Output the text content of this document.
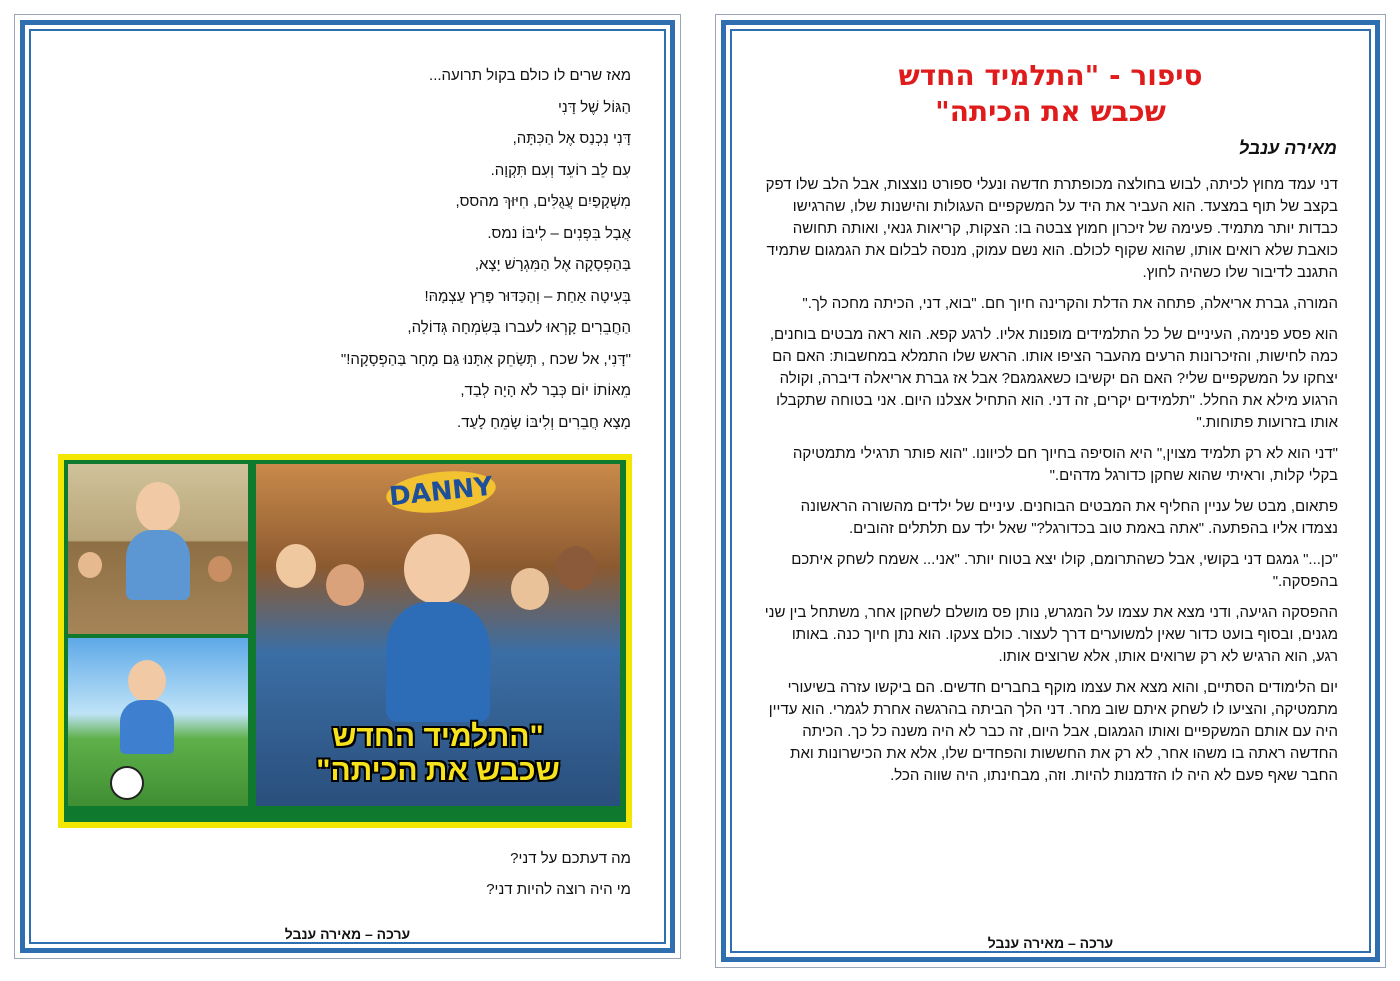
מאז שרים לו כולם בקול תרועה...
הַגּוֹל שֶׁל דָּנִי
דָּנִי נִכְנַס אֶל הַכִּתָּה,
עִם לֵב רוֹעֵד וְעִם תִּקְוָה.
מִשְׁקָפַיִם עֲגֻלִּים, חִיּוּךְ מהסס,
אֲבָל בִּפְנִים – לִיבּוֹ נמס.
בַּהַפְסָקָה אֶל הַמִּגְרָשׁ יָצָא,
בְּעִיטָה אַחַת – וְהַכַּדּוּר פָּרַץ עַצְמָהּ!
הַחֲבֵרִים קָרְאוּ לעברו בְּשִׂמְחָה גְּדוֹלָה,
"דָּנִי, אל שכח , תְּשַׂחֵק אִתָּנוּ גַּם מָחָר בַּהַפְסָקָה!"
מֵאוֹתוֹ יוֹם כְּבָר לֹא הָיָה לְבַד,
מָצָא חֲבֵרִים וְלִיבּוֹ שָׂמֵחַ לָעַד.
DANNY
"התלמיד החדש
שכבש את הכיתה"
מה דעתכם על דני?
מי היה רוצה להיות דני?
ערכה – מאירה ענבל
סיפור - "התלמיד החדש
שכבש את הכיתה"
מאירה ענבל

דני עמד מחוץ לכיתה, לבוש בחולצה מכופתרת חדשה ונעלי ספורט נוצצות, אבל הלב שלו דפק בקצב של תוף במצעד. הוא העביר את היד על המשקפיים העגולות והישנות שלו, שהרגישו כבדות יותר מתמיד. פעימה של זיכרון חמוץ צבטה בו: הצקות, קריאות גנאי, ואותה תחושה כואבת שלא רואים אותו, שהוא שקוף לכולם. הוא נשם עמוק, מנסה לבלום את הגמגום שתמיד התגנב לדיבור שלו כשהיה לחוץ.

המורה, גברת אריאלה, פתחה את הדלת והקרינה חיוך חם. "בוא, דני, הכיתה מחכה לך."

הוא פסע פנימה, העיניים של כל התלמידים מופנות אליו. לרגע קפא. הוא ראה מבטים בוחנים, כמה לחישות, והזיכרונות הרעים מהעבר הציפו אותו. הראש שלו התמלא במחשבות: האם הם יצחקו על המשקפיים שלי? האם הם יקשיבו כשאגמגם? אבל אז גברת אריאלה דיברה, וקולה הרגוע מילא את החלל. "תלמידים יקרים, זה דני. הוא התחיל אצלנו היום. אני בטוחה שתקבלו אותו בזרועות פתוחות."

"דני הוא לא רק תלמיד מצוין," היא הוסיפה בחיוך חם לכיוונו. "הוא פותר תרגילי מתמטיקה בקלי קלות, וראיתי שהוא שחקן כדורגל מדהים."

פתאום, מבט של עניין החליף את המבטים הבוחנים. עיניים של ילדים מהשורה הראשונה נצמדו אליו בהפתעה. "אתה באמת טוב בכדורגל?" שאל ילד עם תלתלים זהובים.

"כן..." גמגם דני בקושי, אבל כשהתרומם, קולו יצא בטוח יותר. "אני... אשמח לשחק איתכם בהפסקה."

ההפסקה הגיעה, ודני מצא את עצמו על המגרש, נותן פס מושלם לשחקן אחר, משתחל בין שני מגנים, ובסוף בועט כדור שאין למשוערים דרך לעצור. כולם צעקו. הוא נתן חיוך כנה. באותו רגע, הוא הרגיש לא רק שרואים אותו, אלא שרוצים אותו.

יום הלימודים הסתיים, והוא מצא את עצמו מוקף בחברים חדשים. הם ביקשו עזרה בשיעורי מתמטיקה, והציעו לו לשחק איתם שוב מחר. דני הלך הביתה בהרגשה אחרת לגמרי. הוא עדיין היה עם אותם המשקפיים ואותו הגמגום, אבל היום, זה כבר לא היה משנה כל כך. הכיתה החדשה ראתה בו משהו אחר, לא רק את החששות והפחדים שלו, אלא את הכישרונות ואת החבר שאף פעם לא היה לו הזדמנות להיות. וזה, מבחינתו, היה שווה הכל.

ערכה – מאירה ענבל
